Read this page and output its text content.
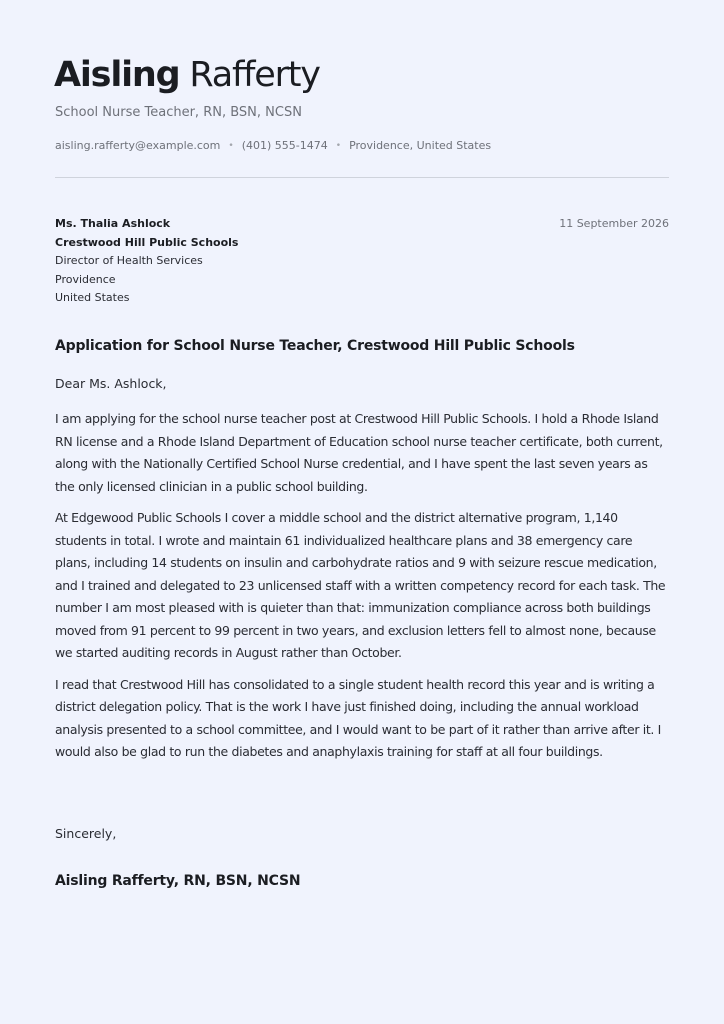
Aisling Rafferty
School Nurse Teacher, RN, BSN, NCSN
aisling.rafferty@example.com • (401) 555-1474 • Providence, United States
Ms. Thalia Ashlock
Crestwood Hill Public Schools
Director of Health Services
Providence
United States
11 September 2026
Application for School Nurse Teacher, Crestwood Hill Public Schools
Dear Ms. Ashlock,

I am applying for the school nurse teacher post at Crestwood Hill Public Schools. I hold a Rhode Island RN license and a Rhode Island Department of Education school nurse teacher certificate, both current, along with the Nationally Certified School Nurse credential, and I have spent the last seven years as the only licensed clinician in a public school building.

At Edgewood Public Schools I cover a middle school and the district alternative program, 1,140 students in total. I wrote and maintain 61 individualized healthcare plans and 38 emergency care plans, including 14 students on insulin and carbohydrate ratios and 9 with seizure rescue medication, and I trained and delegated to 23 unlicensed staff with a written competency record for each task. The number I am most pleased with is quieter than that: immunization compliance across both buildings moved from 91 percent to 99 percent in two years, and exclusion letters fell to almost none, because we started auditing records in August rather than October.

I read that Crestwood Hill has consolidated to a single student health record this year and is writing a district delegation policy. That is the work I have just finished doing, including the annual workload analysis presented to a school committee, and I would want to be part of it rather than arrive after it. I would also be glad to run the diabetes and anaphylaxis training for staff at all four buildings.

Sincerely,
Aisling Rafferty, RN, BSN, NCSN
